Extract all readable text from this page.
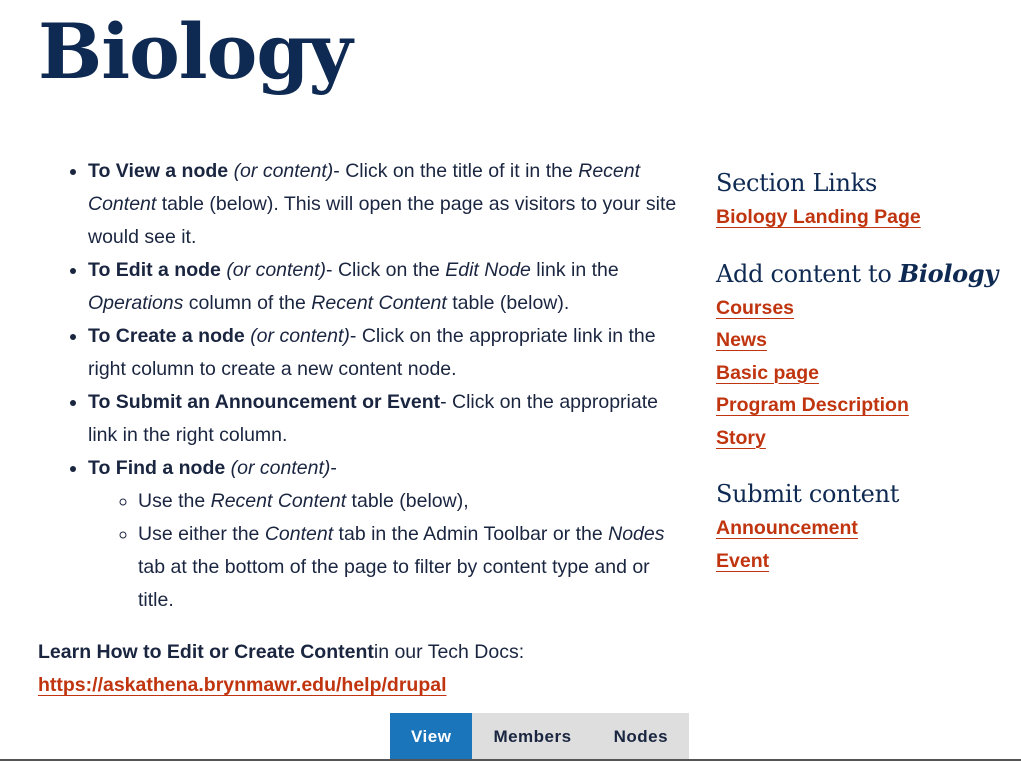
Biology
• To View a node (or content)- Click on the title of it in the Recent Content table (below). This will open the page as visitors to your site would see it.
• To Edit a node (or content)- Click on the Edit Node link in the Operations column of the Recent Content table (below).
• To Create a node (or content)- Click on the appropriate link in the right column to create a new content node.
• To Submit an Announcement or Event- Click on the appropriate link in the right column.
• To Find a node (or content)-
◦ Use the Recent Content table (below),
◦ Use either the Content tab in the Admin Toolbar or the Nodes tab at the bottom of the page to filter by content type and or title.
Learn How to Edit or Create Contentin our Tech Docs: https://askathena.brynmawr.edu/help/drupal
Section Links
Biology Landing Page
Add content to Biology
Courses
News
Basic page
Program Description
Story
Submit content
Announcement
Event
View	Members	Nodes
